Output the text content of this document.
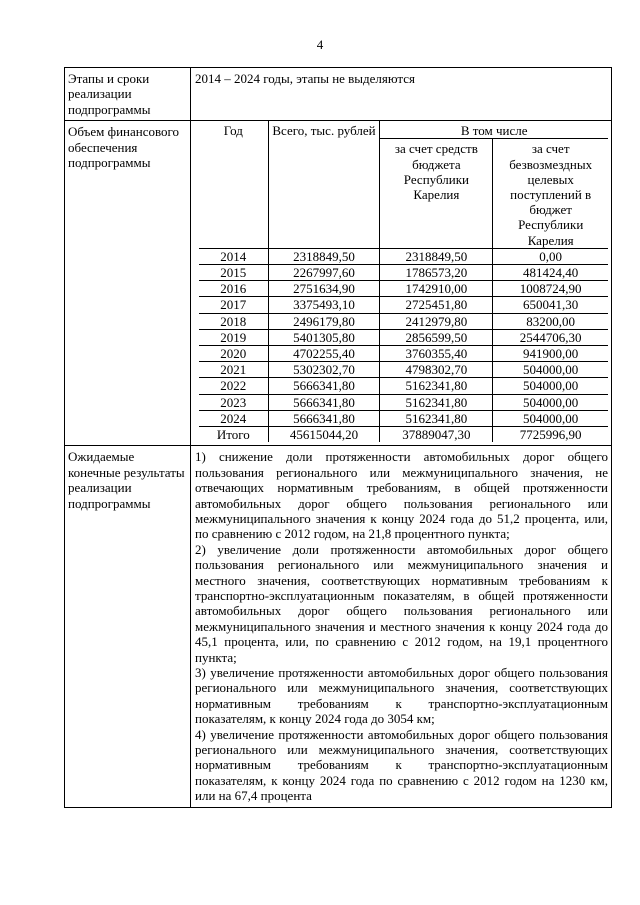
4
Этапы и сроки реализации подпрограммы	2014 – 2024 годы, этапы не выделяются
Объем финансового обеспечения подпрограммы	
Год	Всего, тыс. рублей	В том числе
за счет средств бюджета Республики Карелия	за счет безвозмездных целевых поступлений в бюджет Республики Карелия
2014	2318849,50	2318849,50	0,00
2015	2267997,60	1786573,20	481424,40
2016	2751634,90	1742910,00	1008724,90
2017	3375493,10	2725451,80	650041,30
2018	2496179,80	2412979,80	83200,00
2019	5401305,80	2856599,50	2544706,30
2020	4702255,40	3760355,40	941900,00
2021	5302302,70	4798302,70	504000,00
2022	5666341,80	5162341,80	504000,00
2023	5666341,80	5162341,80	504000,00
2024	5666341,80	5162341,80	504000,00
Итого	45615044,20	37889047,30	7725996,90

Ожидаемые конечные результаты реализации подпрограммы	

1) снижение доли протяженности автомобильных дорог общего пользования регионального или межмуниципального значения, не отвечающих нормативным требованиям, в общей протяженности автомобильных дорог общего пользования регионального или межмуниципального значения к концу 2024 года до 51,2 процента, или, по сравнению с 2012 годом, на 21,8 процентного пункта;

2) увеличение доли протяженности автомобильных дорог общего пользования регионального или межмуниципального значения и местного значения, соответствующих нормативным требованиям к транспортно-эксплуатационным показателям, в общей протяженности автомобильных дорог общего пользования регионального или межмуниципального значения и местного значения к концу 2024 года до 45,1 процента, или, по сравнению с 2012 годом, на 19,1 процентного пункта;

3) увеличение протяженности автомобильных дорог общего пользования регионального или межмуниципального значения, соответствующих нормативным требованиям к транспортно-эксплуатационным показателям, к концу 2024 года до 3054 км;

4) увеличение протяженности автомобильных дорог общего пользования регионального или межмуниципального значения, соответствующих нормативным требованиям к транспортно-эксплуатационным показателям, к концу 2024 года по сравнению с 2012 годом на 1230 км, или на 67,4 процента
